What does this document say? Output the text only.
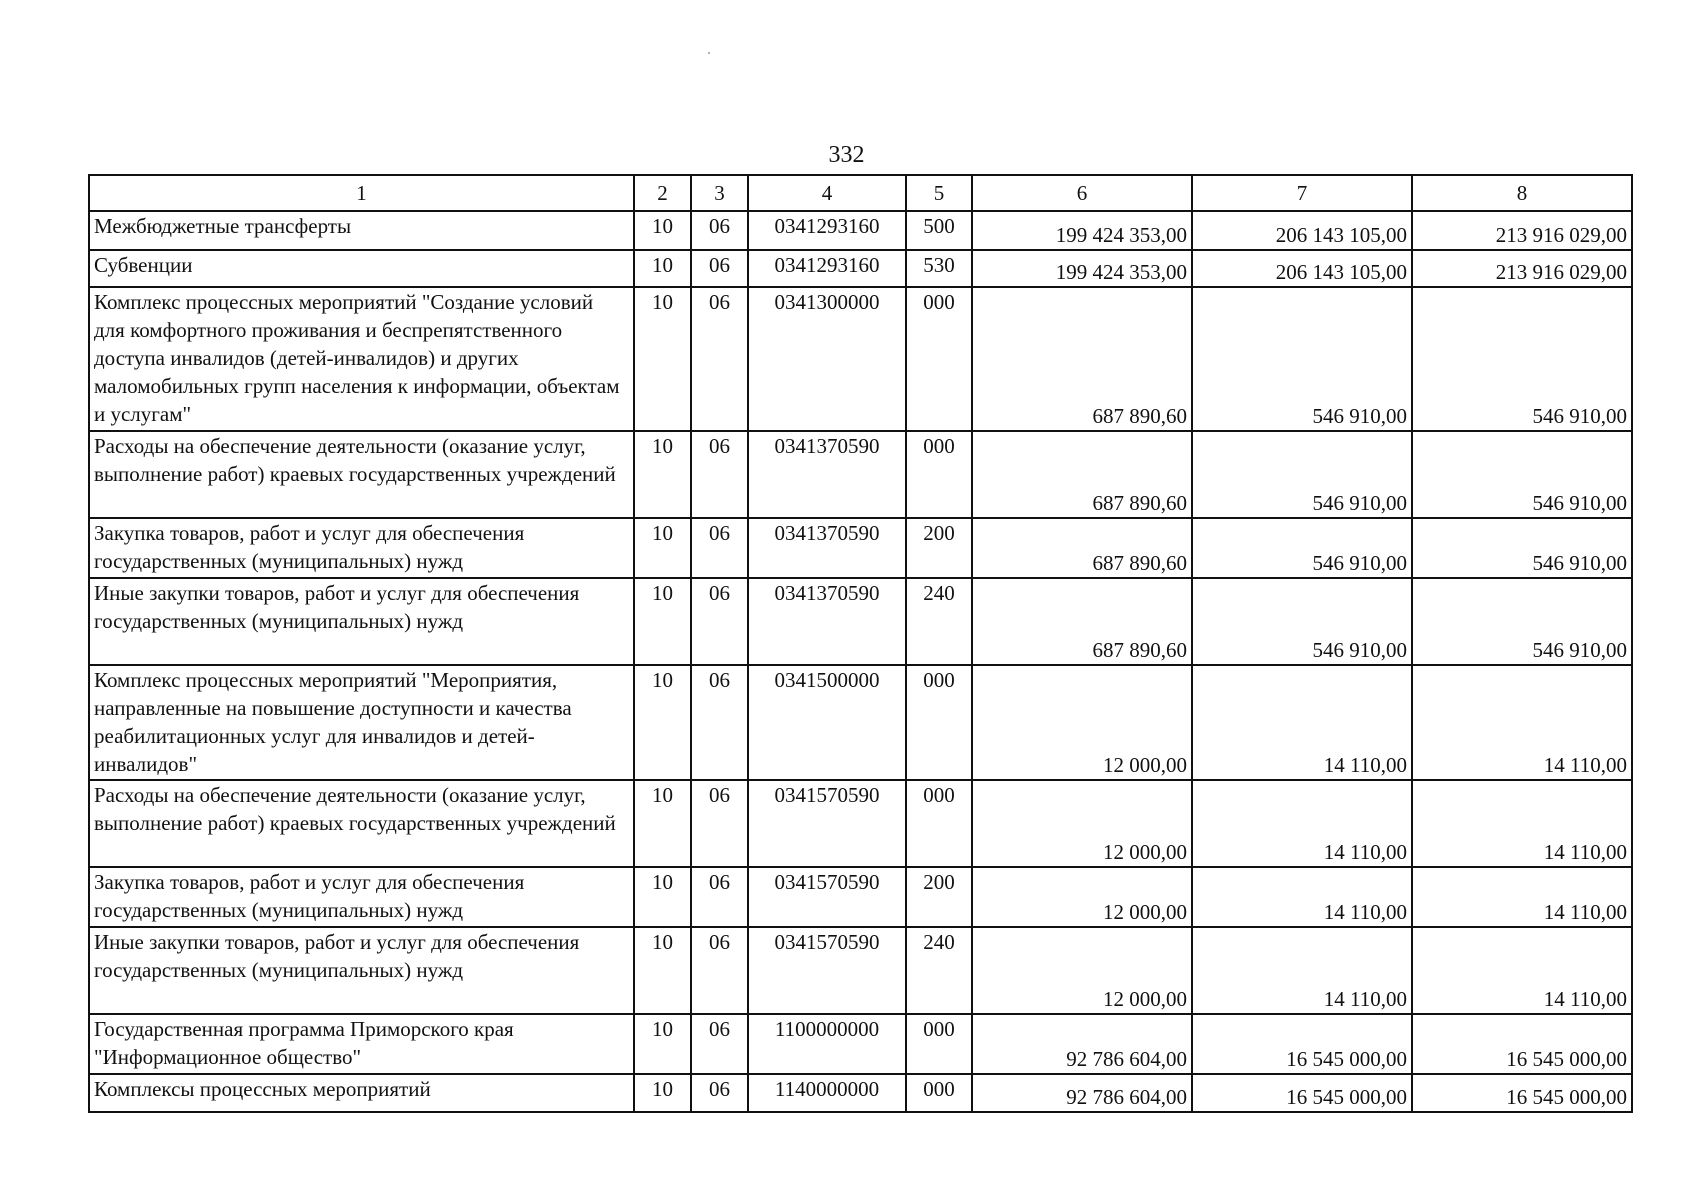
332
1	2	3	4	5	6	7	8
Межбюджетные трансферты	10	06	0341293160	500	199 424 353,00	206 143 105,00	213 916 029,00
Субвенции	10	06	0341293160	530	199 424 353,00	206 143 105,00	213 916 029,00
Комплекс процессных мероприятий "Создание условий для комфортного проживания и беспрепятственного доступа инвалидов (детей-инвалидов) и других маломобильных групп населения к информации, объектам и услугам"	10	06	0341300000	000	687 890,60	546 910,00	546 910,00
Расходы на обеспечение деятельности (оказание услуг, выполнение работ) краевых государственных учреждений	10	06	0341370590	000	687 890,60	546 910,00	546 910,00
Закупка товаров, работ и услуг для обеспечения государственных (муниципальных) нужд	10	06	0341370590	200	687 890,60	546 910,00	546 910,00
Иные закупки товаров, работ и услуг для обеспечения государственных (муниципальных) нужд	10	06	0341370590	240	687 890,60	546 910,00	546 910,00
Комплекс процессных мероприятий "Мероприятия, направленные на повышение доступности и качества реабилитационных услуг для инвалидов и детей-инвалидов"	10	06	0341500000	000	12 000,00	14 110,00	14 110,00
Расходы на обеспечение деятельности (оказание услуг, выполнение работ) краевых государственных учреждений	10	06	0341570590	000	12 000,00	14 110,00	14 110,00
Закупка товаров, работ и услуг для обеспечения государственных (муниципальных) нужд	10	06	0341570590	200	12 000,00	14 110,00	14 110,00
Иные закупки товаров, работ и услуг для обеспечения государственных (муниципальных) нужд	10	06	0341570590	240	12 000,00	14 110,00	14 110,00
Государственная программа Приморского края "Информационное общество"	10	06	1100000000	000	92 786 604,00	16 545 000,00	16 545 000,00
Комплексы процессных мероприятий	10	06	1140000000	000	92 786 604,00	16 545 000,00	16 545 000,00
